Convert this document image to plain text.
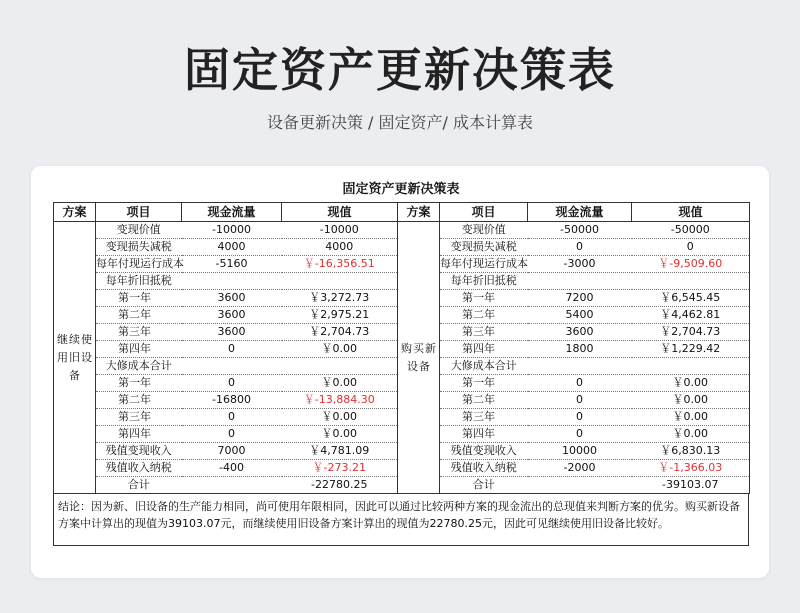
固定资产更新决策表
设备更新决策 / 固定资产/ 成本计算表
固定资产更新决策表
方案	项目	现金流量	现值	方案	项目	现金流量	现值
继续使用旧设备	变现价值	-10000	-10000	购买新设备	变现价值	-50000	-50000
	变现损失减税	4000	4000		变现损失减税	0	0
	每年付现运行成本	-5160	￥-16,356.51		每年付现运行成本	-3000	￥-9,509.60
	每年折旧抵税				每年折旧抵税		
	第一年	3600	￥3,272.73		第一年	7200	￥6,545.45
	第二年	3600	￥2,975.21		第二年	5400	￥4,462.81
	第三年	3600	￥2,704.73		第三年	3600	￥2,704.73
	第四年	0	￥0.00		第四年	1800	￥1,229.42
	大修成本合计				大修成本合计		
	第一年	0	￥0.00		第一年	0	￥0.00
	第二年	-16800	￥-13,884.30		第二年	0	￥0.00
	第三年	0	￥0.00		第三年	0	￥0.00
	第四年	0	￥0.00		第四年	0	￥0.00
	残值变现收入	7000	￥4,781.09		残值变现收入	10000	￥6,830.13
	残值收入纳税	-400	￥-273.21		残值收入纳税	-2000	￥-1,366.03
	合计		-22780.25		合计		-39103.07
结论：因为新、旧设备的生产能力相同，尚可使用年限相同，因此可以通过比较两种方案的现金流出的总现值来判断方案的优劣。购买新设备方案中计算出的现值为39103.07元，而继续使用旧设备方案计算出的现值为22780.25元，因此可见继续使用旧设备比较好。
